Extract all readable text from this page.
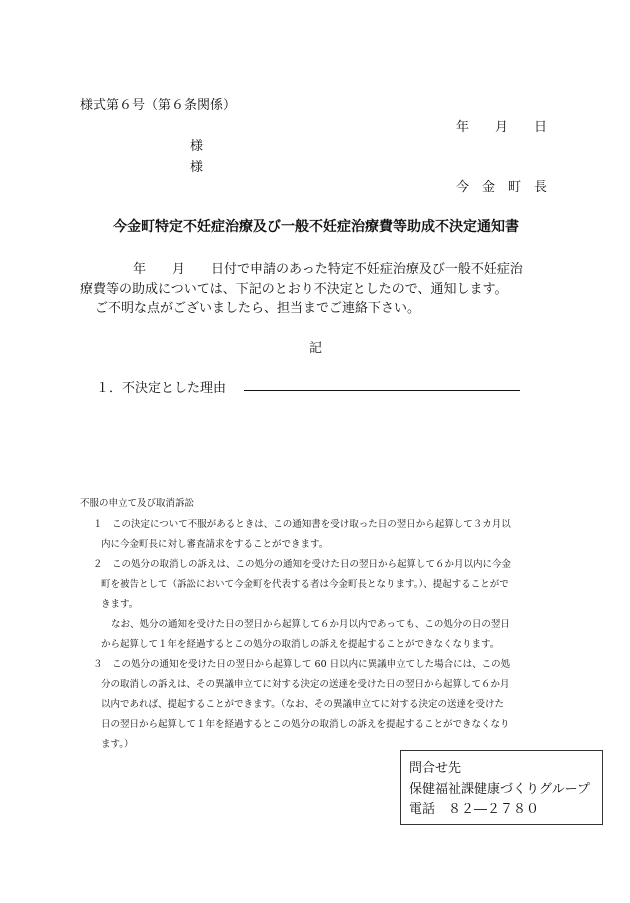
様式第６号（第６条関係）
年　　月　　日
様
様
今　金　町　長
今金町特定不妊症治療及び一般不妊症治療費等助成不決定通知書
年　　月　　日付で申請のあった特定不妊症治療及び一般不妊症治
療費等の助成については、下記のとおり不決定としたので、通知します。
ご不明な点がございましたら、担当までご連絡下さい。
記
１．不決定とした理由
不服の申立て及び取消訴訟
１　この決定について不服があるときは、この通知書を受け取った日の翌日から起算して３カ月以
内に今金町長に対し審査請求をすることができます。
２　この処分の取消しの訴えは、この処分の通知を受けた日の翌日から起算して６か月以内に今金
町を被告として（訴訟において今金町を代表する者は今金町長となります。）、提起することがで
きます。
なお、処分の通知を受けた日の翌日から起算して６か月以内であっても、この処分の日の翌日
から起算して１年を経過するとこの処分の取消しの訴えを提起することができなくなります。
３　この処分の通知を受けた日の翌日から起算して 60 日以内に異議申立てした場合には、この処
分の取消しの訴えは、その異議申立てに対する決定の送達を受けた日の翌日から起算して６か月
以内であれば、提起することができます。（なお、その異議申立てに対する決定の送達を受けた
日の翌日から起算して１年を経過するとこの処分の取消しの訴えを提起することができなくなり
ます。）
問合せ先
保健福祉課健康づくりグループ
電話　８２―２７８０
